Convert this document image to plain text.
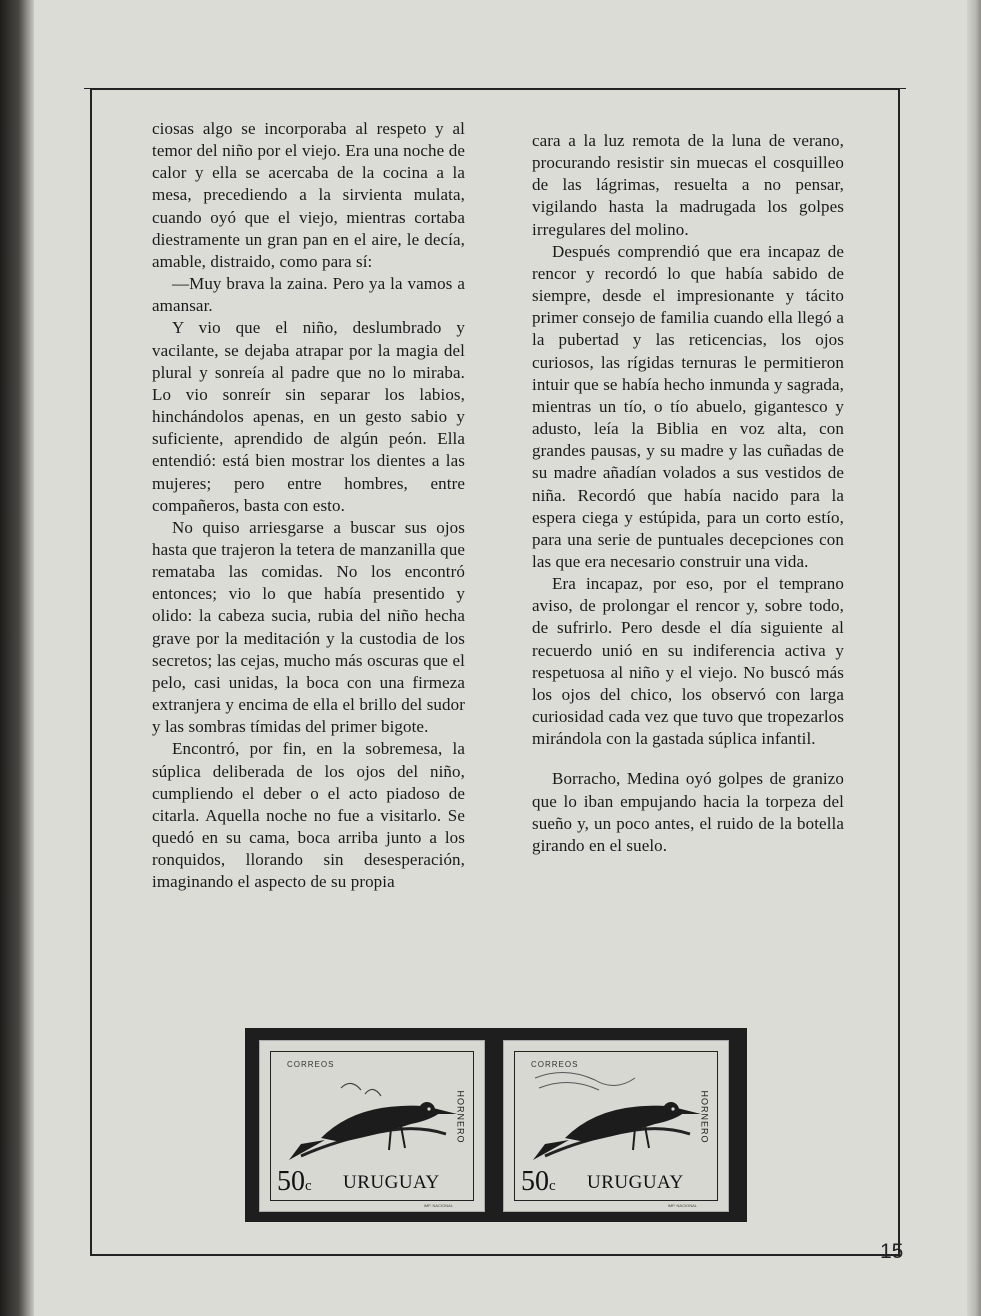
ciosas algo se incorporaba al respeto y al temor del niño por el viejo. Era una noche de calor y ella se acercaba de la cocina a la mesa, precediendo a la sirvienta mulata, cuando oyó que el viejo, mientras cortaba diestramente un gran pan en el aire, le decía, amable, distraido, como para sí:

—Muy brava la zaina. Pero ya la vamos a amansar.

Y vio que el niño, deslumbrado y vacilante, se dejaba atrapar por la magia del plural y sonreía al padre que no lo miraba. Lo vio sonreír sin separar los labios, hinchándolos apenas, en un gesto sabio y suficiente, aprendido de algún peón. Ella entendió: está bien mostrar los dientes a las mujeres; pero entre hombres, entre compañeros, basta con esto.

No quiso arriesgarse a buscar sus ojos hasta que trajeron la tetera de manzanilla que remataba las comidas. No los encontró entonces; vio lo que había presentido y olido: la cabeza sucia, rubia del niño hecha grave por la meditación y la custodia de los secretos; las cejas, mucho más oscuras que el pelo, casi unidas, la boca con una firmeza extranjera y encima de ella el brillo del sudor y las sombras tímidas del primer bigote.

Encontró, por fin, en la sobremesa, la súplica deliberada de los ojos del niño, cumpliendo el deber o el acto piadoso de citarla. Aquella noche no fue a visitarlo. Se quedó en su cama, boca arriba junto a los ronquidos, llorando sin desesperación, imaginando el aspecto de su propia

cara a la luz remota de la luna de verano, procurando resistir sin muecas el cosquilleo de las lágrimas, resuelta a no pensar, vigilando hasta la madrugada los golpes irregulares del molino.

Después comprendió que era incapaz de rencor y recordó lo que había sabido de siempre, desde el impresionante y tácito primer consejo de familia cuando ella llegó a la pubertad y las reticencias, los ojos curiosos, las rígidas ternuras le permitieron intuir que se había hecho inmunda y sagrada, mientras un tío, o tío abuelo, gigantesco y adusto, leía la Biblia en voz alta, con grandes pausas, y su madre y las cuñadas de su madre añadían volados a sus vestidos de niña. Recordó que había nacido para la espera ciega y estúpida, para un corto estío, para una serie de puntuales decepciones con las que era necesario construir una vida.

Era incapaz, por eso, por el temprano aviso, de prolongar el rencor y, sobre todo, de sufrirlo. Pero desde el día siguiente al recuerdo unió en su indiferencia activa y respetuosa al niño y el viejo. No buscó más los ojos del chico, los observó con larga curiosidad cada vez que tuvo que tropezarlos mirándola con la gastada súplica infantil.

Borracho, Medina oyó golpes de granizo que lo iban empujando hacia la torpeza del sueño y, un poco antes, el ruido de la botella girando en el suelo.

CORREOS
HORNERO
50c URUGUAY
IMP. NACIONAL
CORREOS
HORNERO
50c URUGUAY
IMP. NACIONAL
15
